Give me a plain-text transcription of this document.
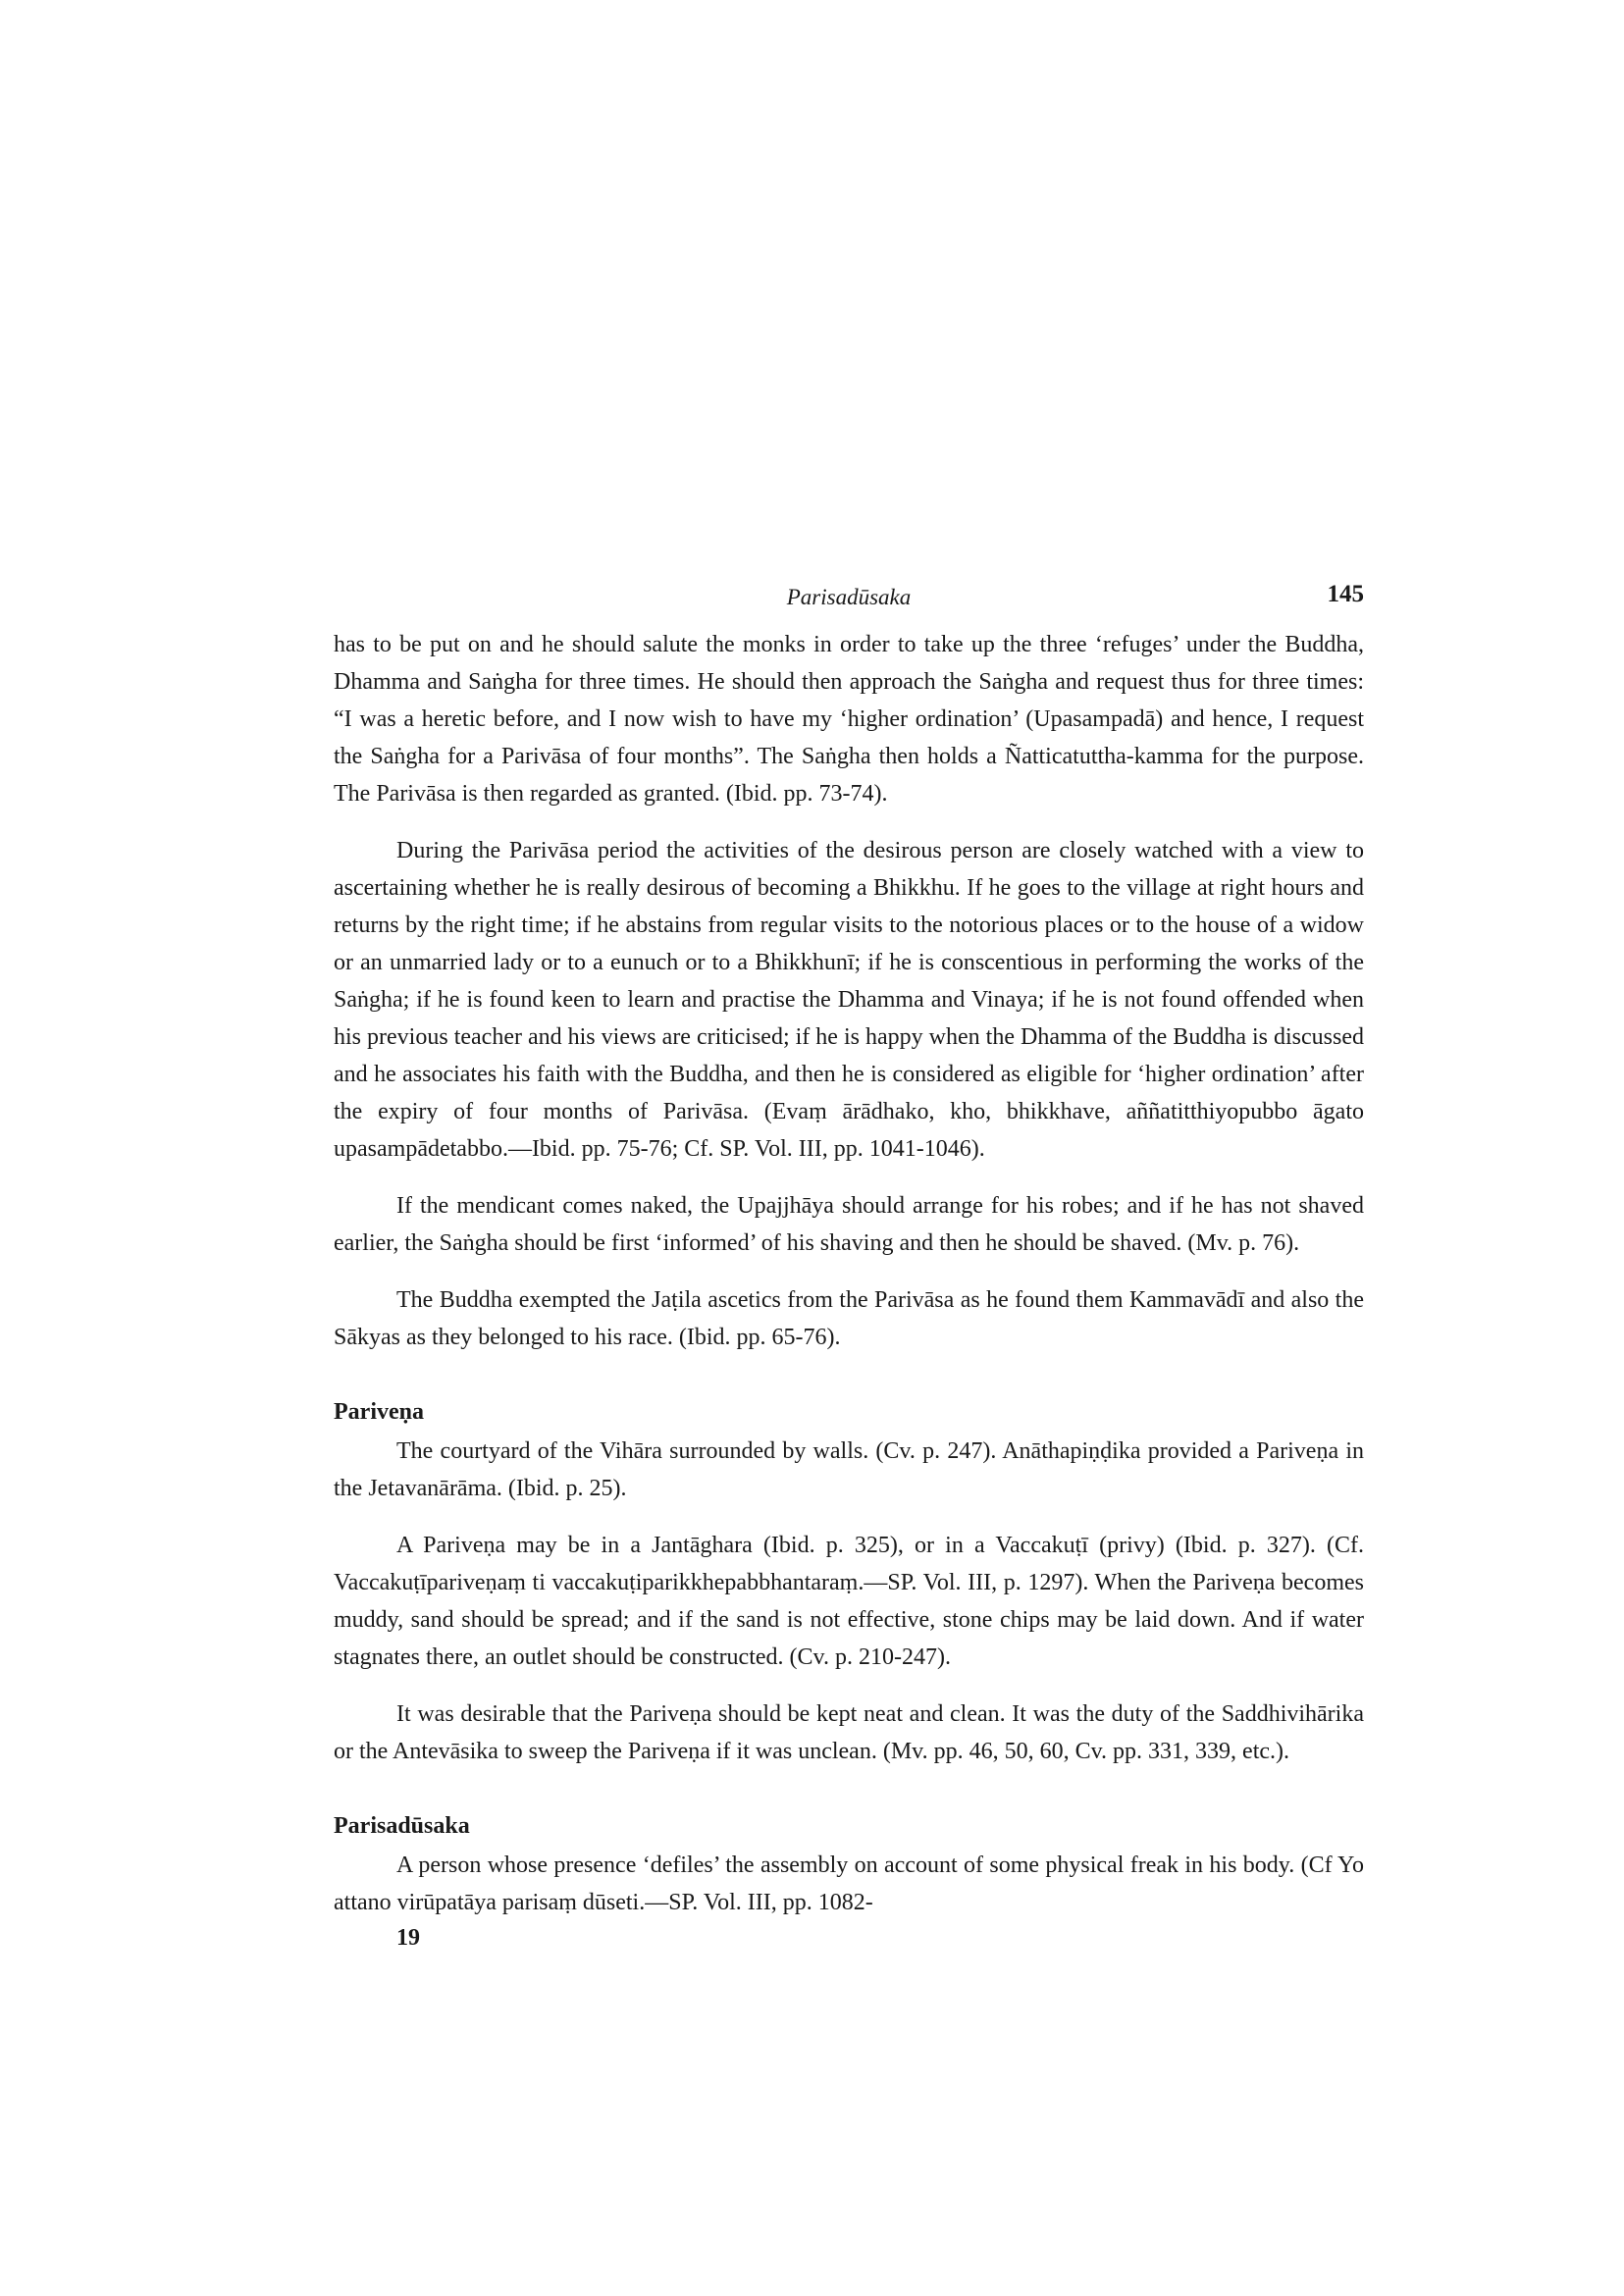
Parisadūsaka	145

has to be put on and he should salute the monks in order to take up the three ‘refuges’ under the Buddha, Dhamma and Saṅgha for three times. He should then approach the Saṅgha and request thus for three times: “I was a heretic before, and I now wish to have my ‘higher ordination’ (Upasampadā) and hence, I request the Saṅgha for a Parivāsa of four months”. The Saṅgha then holds a Ñatticatuttha-kamma for the purpose. The Parivāsa is then regarded as granted. (Ibid. pp. 73-74).

During the Parivāsa period the activities of the desirous person are closely watched with a view to ascertaining whether he is really desirous of becoming a Bhikkhu. If he goes to the village at right hours and returns by the right time; if he abstains from regular visits to the notorious places or to the house of a widow or an unmarried lady or to a eunuch or to a Bhikkhunī; if he is conscentious in performing the works of the Saṅgha; if he is found keen to learn and practise the Dhamma and Vinaya; if he is not found offended when his previous teacher and his views are criticised; if he is happy when the Dhamma of the Buddha is discussed and he associates his faith with the Buddha, and then he is considered as eligible for ‘higher ordination’ after the expiry of four months of Parivāsa. (Evaṃ ārādhako, kho, bhikkhave, aññatitthiyopubbo āgato upasampādetabbo.—Ibid. pp. 75-76; Cf. SP. Vol. III, pp. 1041-1046).

If the mendicant comes naked, the Upajjhāya should arrange for his robes; and if he has not shaved earlier, the Saṅgha should be first ‘informed’ of his shaving and then he should be shaved. (Mv. p. 76).

The Buddha exempted the Jaṭila ascetics from the Parivāsa as he found them Kammavādī and also the Sākyas as they belonged to his race. (Ibid. pp. 65-76).

Pariveṇa

The courtyard of the Vihāra surrounded by walls. (Cv. p. 247). Anāthapiṇḍika provided a Pariveṇa in the Jetavanārāma. (Ibid. p. 25).

A Pariveṇa may be in a Jantāghara (Ibid. p. 325), or in a Vaccakuṭī (privy) (Ibid. p. 327). (Cf. Vaccakuṭīpariveṇaṃ ti vaccakuṭiparikkhepabbhantaraṃ.—SP. Vol. III, p. 1297). When the Pariveṇa becomes muddy, sand should be spread; and if the sand is not effective, stone chips may be laid down. And if water stagnates there, an outlet should be constructed. (Cv. p. 210-247).

It was desirable that the Pariveṇa should be kept neat and clean. It was the duty of the Saddhivihārika or the Antevāsika to sweep the Pariveṇa if it was unclean. (Mv. pp. 46, 50, 60, Cv. pp. 331, 339, etc.).

Parisadūsaka

A person whose presence ‘defiles’ the assembly on account of some physical freak in his body. (Cf Yo attano virūpatāya parisaṃ dūseti.—SP. Vol. III, pp. 1082-

19
